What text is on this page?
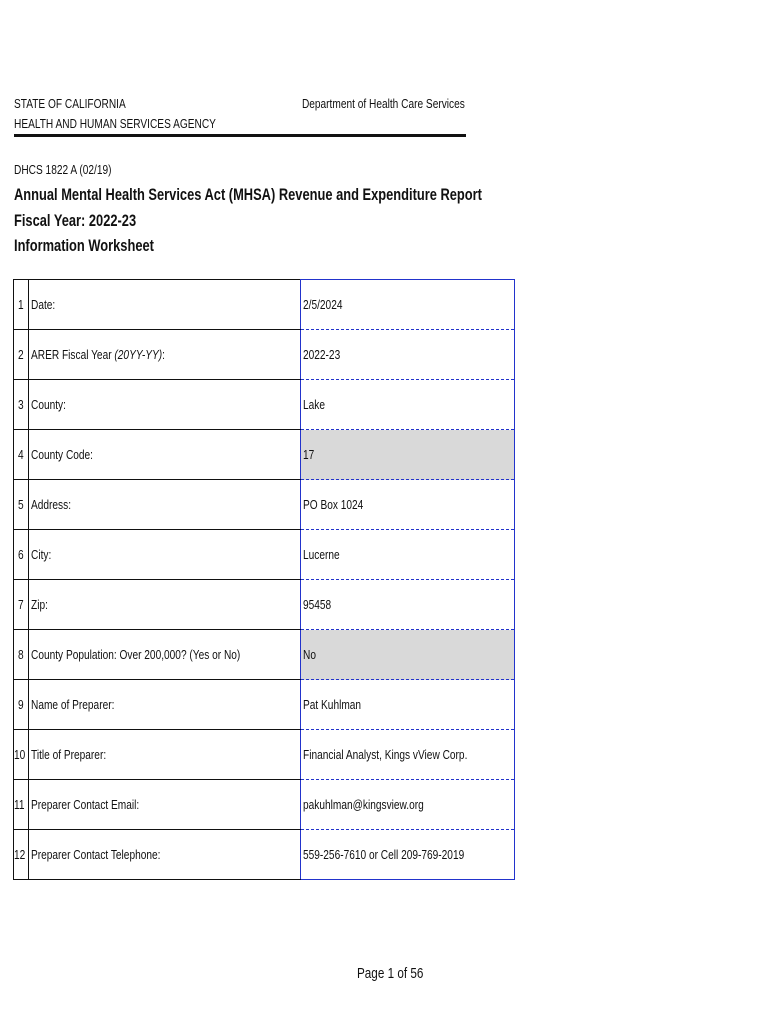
STATE OF CALIFORNIA
HEALTH AND HUMAN SERVICES AGENCY
Department of Health Care Services
DHCS 1822 A (02/19)
Annual Mental Health Services Act (MHSA) Revenue and Expenditure Report
Fiscal Year: 2022-23
Information Worksheet
1	Date:	2/5/2024
2	ARER Fiscal Year (20YY-YY):	2022-23
3	County:	Lake
4	County Code:	17
5	Address:	PO Box 1024
6	City:	Lucerne
7	Zip:	95458
8	County Population: Over 200,000? (Yes or No)	No
9	Name of Preparer:	Pat Kuhlman
10	Title of Preparer:	Financial Analyst, Kings vView Corp.
11	Preparer Contact Email:	pakuhlman@kingsview.org
12	Preparer Contact Telephone:	559-256-7610 or Cell 209-769-2019
Page 1 of 56
